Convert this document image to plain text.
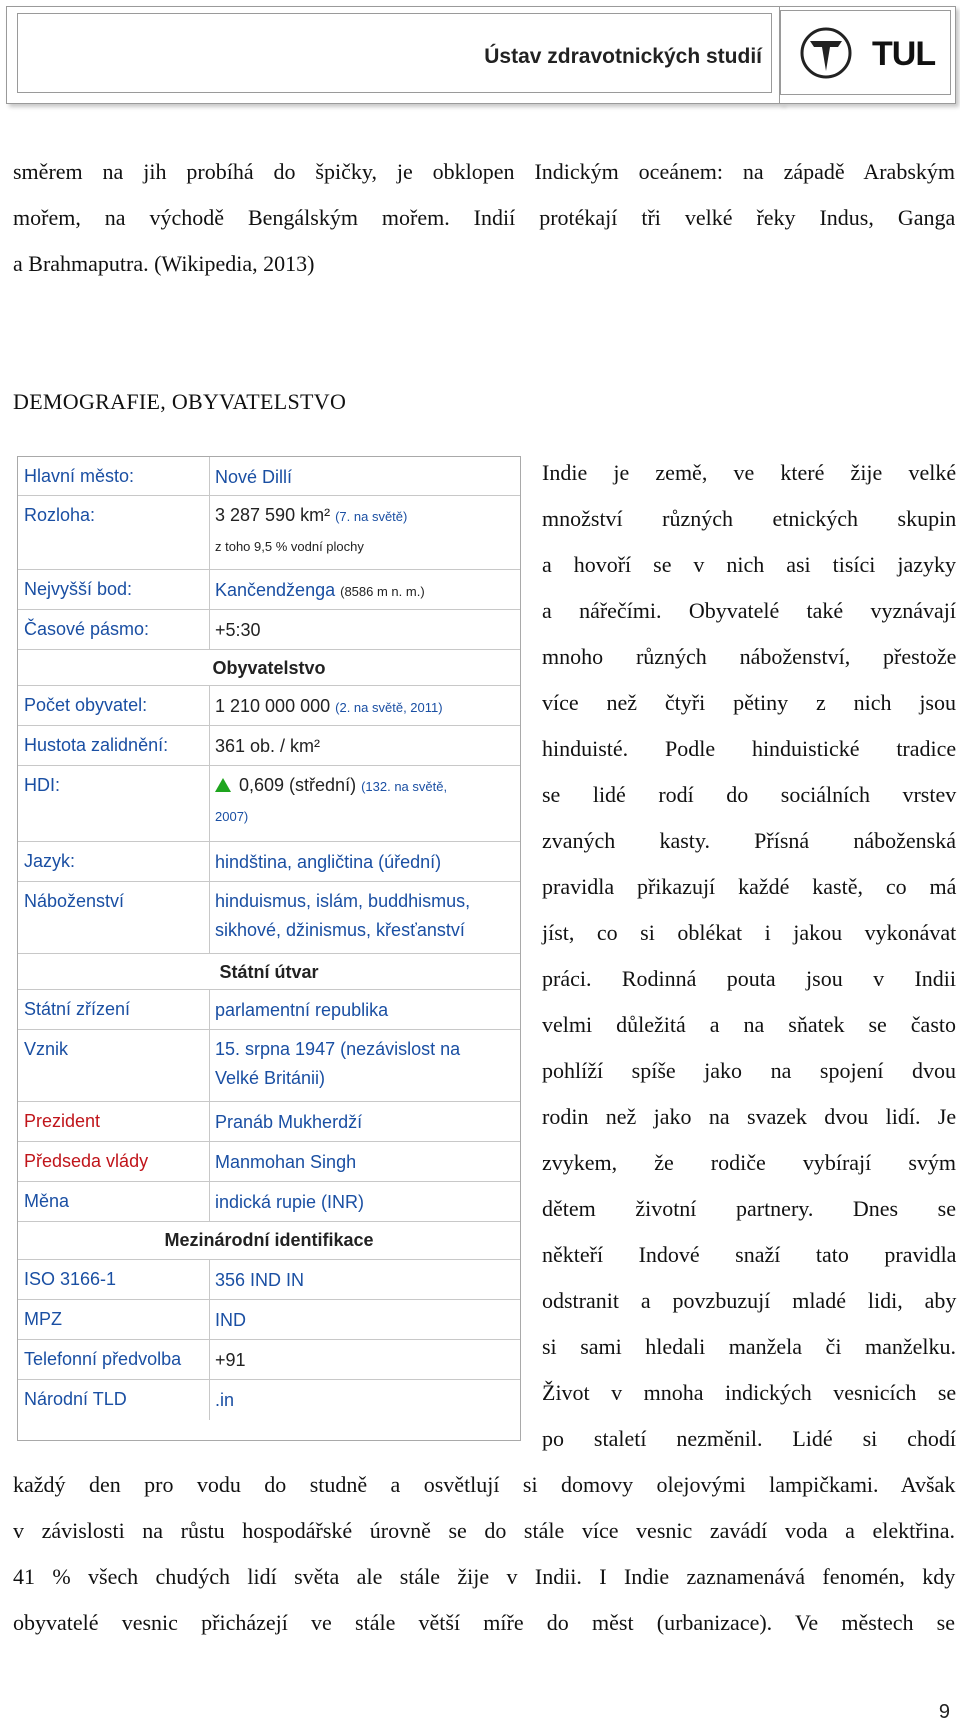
Ústav zdravotnických studií	TUL
směrem na jih probíhá do špičky, je obklopen Indickým oceánem: na západě Arabským
mořem, na východě Bengálským mořem. Indií protékají tři velké řeky Indus, Ganga
a Brahmaputra. (Wikipedia, 2013)
DEMOGRAFIE, OBYVATELSTVO
Hlavní město:	Nové Dillí
Rozloha:	3 287 590 km² (7. na světě)
z toho 9,5 % vodní plochy
Nejvyšší bod:	Kančendženga (8586 m n. m.)
Časové pásmo:	+5:30
Obyvatelstvo
Počet obyvatel:	1 210 000 000 (2. na světě, 2011)
Hustota zalidnění:	361 ob. / km²
HDI:	0,609 (střední) (132. na světě,
2007)
Jazyk:	hindština, angličtina (úřední)
Náboženství	hinduismus, islám, buddhismus,
sikhové, džinismus, křesťanství
Státní útvar
Státní zřízení	parlamentní republika
Vznik	15. srpna 1947 (nezávislost na
Velké Británii)
Prezident	Pranáb Mukherdží
Předseda vlády	Manmohan Singh
Měna	indická rupie (INR)
Mezinárodní identifikace
ISO 3166-1	356 IND IN
MPZ	IND
Telefonní předvolba +91
Národní TLD	.in
Indie je země, ve které žije velké
množství různých etnických skupin
a hovoří se v nich asi tisíci jazyky
a nářečími. Obyvatelé také vyznávají
mnoho různých náboženství, přestože
více než čtyři pětiny z nich jsou
hinduisté. Podle hinduistické tradice
se lidé rodí do sociálních vrstev
zvaných kasty. Přísná náboženská
pravidla přikazují každé kastě, co má
jíst, co si oblékat i jakou vykonávat
práci. Rodinná pouta jsou v Indii
velmi důležitá a na sňatek se často
pohlíží spíše jako na spojení dvou
rodin než jako na svazek dvou lidí. Je
zvykem, že rodiče vybírají svým
dětem životní partnery. Dnes se
někteří Indové snaží tato pravidla
odstranit a povzbuzují mladé lidi, aby
si sami hledali manžela či manželku.
Život v mnoha indických vesnicích se
po staletí nezměnil. Lidé si chodí
každý den pro vodu do studně a osvětlují si domovy olejovými lampičkami. Avšak
v závislosti na růstu hospodářské úrovně se do stále více vesnic zavádí voda a elektřina.
41 % všech chudých lidí světa ale stále žije v Indii. I Indie zaznamenává fenomén, kdy
obyvatelé vesnic přicházejí ve stále větší míře do měst (urbanizace). Ve městech se
9
